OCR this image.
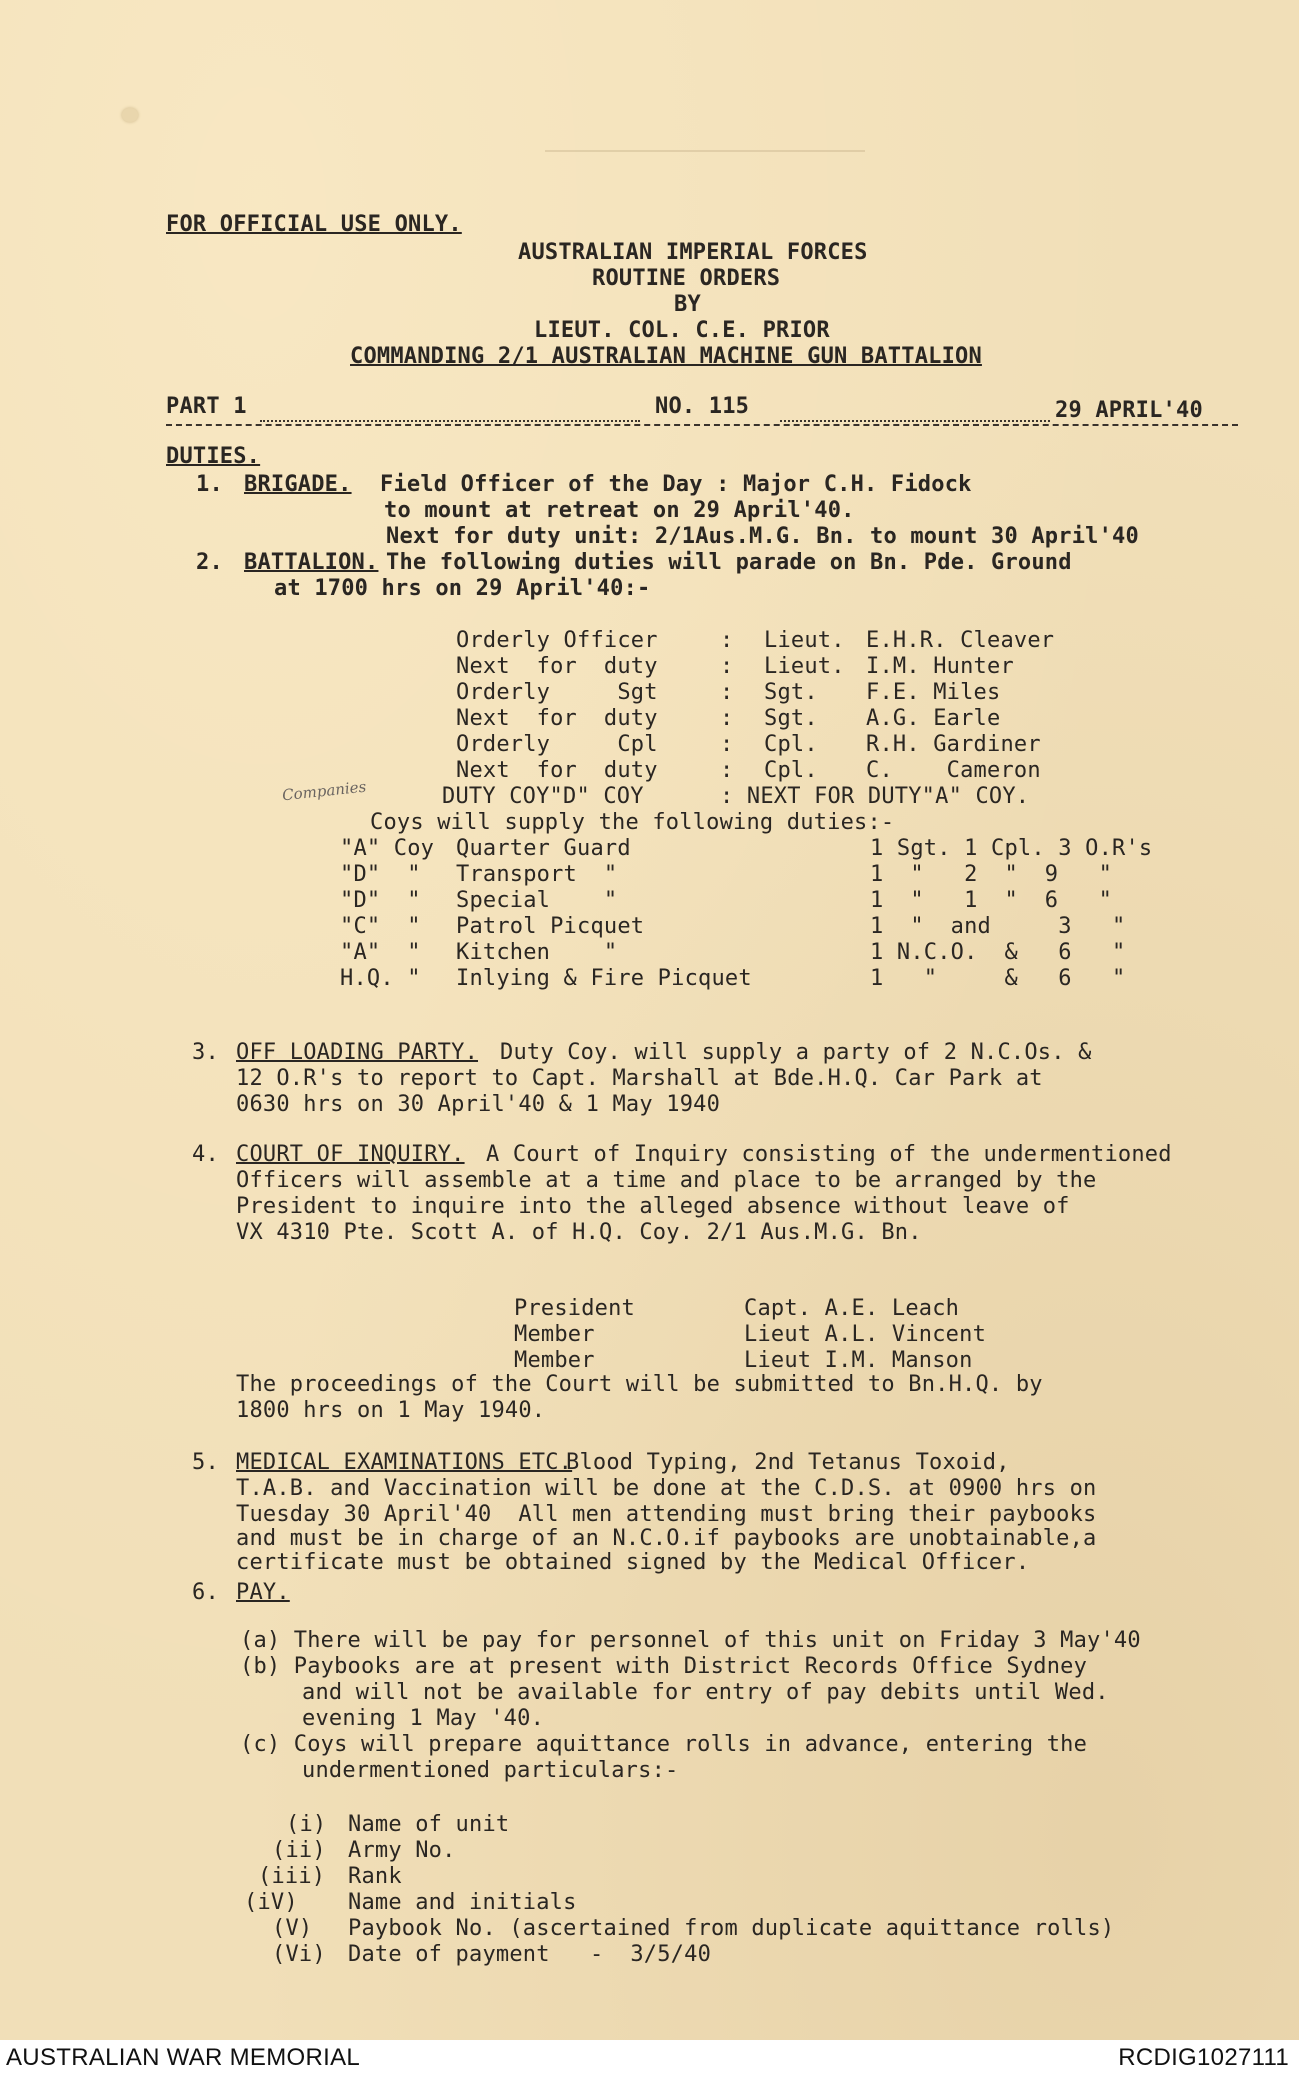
FOR OFFICIAL USE ONLY.
AUSTRALIAN IMPERIAL FORCES
ROUTINE ORDERS
BY
LIEUT. COL. C.E. PRIOR
COMMANDING 2/1 AUSTRALIAN MACHINE GUN BATTALION
PART 1	NO. 115	29 APRIL'40
DUTIES.
1. BRIGADE. Field Officer of the Day : Major C.H. Fidock
to mount at retreat on 29 April'40.
Next for duty unit: 2/1Aus.M.G. Bn. to mount 30 April'40
2. BATTALION. The following duties will parade on Bn. Pde. Ground
at 1700 hrs on 29 April'40:-
Orderly Officer	: Lieut. E.H.R. Cleaver
Next  for  duty	: Lieut. I.M. Hunter
Orderly     Sgt	: Sgt. F.E. Miles
Next  for  duty	: Sgt. A.G. Earle
Orderly     Cpl	: Cpl. R.H. Gardiner
Next  for  duty	: Cpl. C.    Cameron
Companies	DUTY COY"D" COY	: NEXT FOR DUTY"A" COY.
Coys will supply the following duties:-
"A" Coy Quarter Guard	1 Sgt. 1 Cpl. 3 O.R's
"D"  " Transport  "	1  "   2  "  9   "
"D"  " Special    "	1  "   1  "  6   "
"C"  " Patrol Picquet	1  "  and     3   "
"A"  " Kitchen    "	1 N.C.O.  &   6   "
H.Q. " Inlying & Fire Picquet	1   "     &   6   "
3. OFF LOADING PARTY. Duty Coy. will supply a party of 2 N.C.Os. &
12 O.R's to report to Capt. Marshall at Bde.H.Q. Car Park at
0630 hrs on 30 April'40 & 1 May 1940
4. COURT OF INQUIRY. A Court of Inquiry consisting of the undermentioned
Officers will assemble at a time and place to be arranged by the
President to inquire into the alleged absence without leave of
VX 4310 Pte. Scott A. of H.Q. Coy. 2/1 Aus.M.G. Bn.
President	Capt. A.E. Leach
Member	Lieut A.L. Vincent
Member	Lieut I.M. Manson
The proceedings of the Court will be submitted to Bn.H.Q. by
1800 hrs on 1 May 1940.
5. MEDICAL EXAMINATIONS ETC.
Blood Typing, 2nd Tetanus Toxoid,
T.A.B. and Vaccination will be done at the C.D.S. at 0900 hrs on
Tuesday 30 April'40  All men attending must bring their paybooks
and must be in charge of an N.C.O.if paybooks are unobtainable,a
certificate must be obtained signed by the Medical Officer.
6. PAY.
(a) There will be pay for personnel of this unit on Friday 3 May'40
(b) Paybooks are at present with District Records Office Sydney
and will not be available for entry of pay debits until Wed.
evening 1 May '40.
(c) Coys will prepare aquittance rolls in advance, entering the
undermentioned particulars:-
(i) Name of unit
(ii) Army No.
(iii) Rank
(iV) Name and initials
(V) Paybook No. (ascertained from duplicate aquittance rolls)
(Vi) Date of payment   -  3/5/40
AUSTRALIAN WAR MEMORIAL	RCDIG1027111
